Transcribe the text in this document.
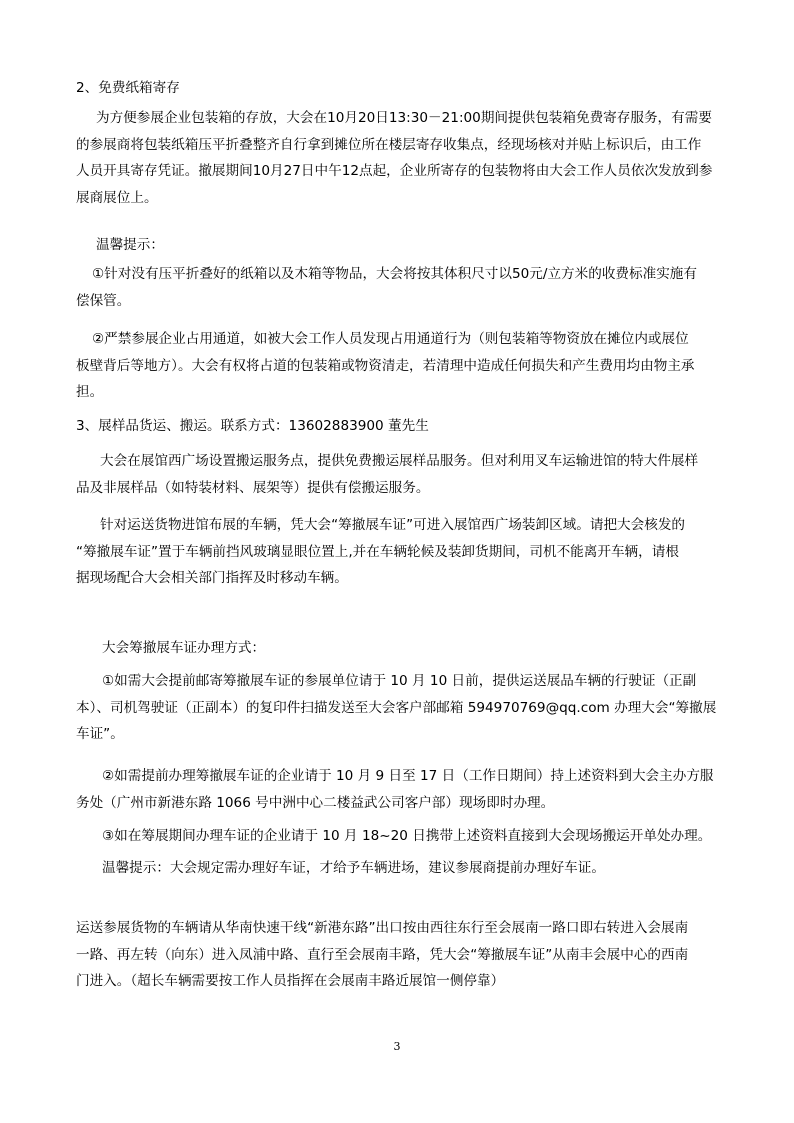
2、免费纸箱寄存
为方便参展企业包装箱的存放，大会在10月20日13:30－21:00期间提供包装箱免费寄存服务，有需要
的参展商将包装纸箱压平折叠整齐自行拿到摊位所在楼层寄存收集点，经现场核对并贴上标识后，由工作
人员开具寄存凭证。撤展期间10月27日中午12点起，企业所寄存的包装物将由大会工作人员依次发放到参
展商展位上。
温馨提示：
①针对没有压平折叠好的纸箱以及木箱等物品，大会将按其体积尺寸以50元/立方米的收费标准实施有
偿保管。
②严禁参展企业占用通道，如被大会工作人员发现占用通道行为（则包装箱等物资放在摊位内或展位
板壁背后等地方）。大会有权将占道的包装箱或物资清走，若清理中造成任何损失和产生费用均由物主承
担。
3、展样品货运、搬运。联系方式：13602883900 董先生
大会在展馆西广场设置搬运服务点，提供免费搬运展样品服务。但对利用叉车运输进馆的特大件展样
品及非展样品（如特装材料、展架等）提供有偿搬运服务。
针对运送货物进馆布展的车辆，凭大会“筹撤展车证”可进入展馆西广场装卸区域。请把大会核发的
“筹撤展车证”置于车辆前挡风玻璃显眼位置上,并在车辆轮候及装卸货期间，司机不能离开车辆，请根
据现场配合大会相关部门指挥及时移动车辆。
大会筹撤展车证办理方式：
①如需大会提前邮寄筹撤展车证的参展单位请于 10 月 10 日前，提供运送展品车辆的行驶证（正副
本）、司机驾驶证（正副本）的复印件扫描发送至大会客户部邮箱 594970769@qq.com 办理大会“筹撤展
车证”。
②如需提前办理筹撤展车证的企业请于 10 月 9 日至 17 日（工作日期间）持上述资料到大会主办方服
务处（广州市新港东路 1066 号中洲中心二楼益武公司客户部）现场即时办理。
③如在筹展期间办理车证的企业请于 10 月 18~20 日携带上述资料直接到大会现场搬运开单处办理。
温馨提示：大会规定需办理好车证，才给予车辆进场，建议参展商提前办理好车证。
运送参展货物的车辆请从华南快速干线“新港东路”出口按由西往东行至会展南一路口即右转进入会展南
一路、再左转（向东）进入凤浦中路、直行至会展南丰路，凭大会“筹撤展车证”从南丰会展中心的西南
门进入。（超长车辆需要按工作人员指挥在会展南丰路近展馆一侧停靠）
3
